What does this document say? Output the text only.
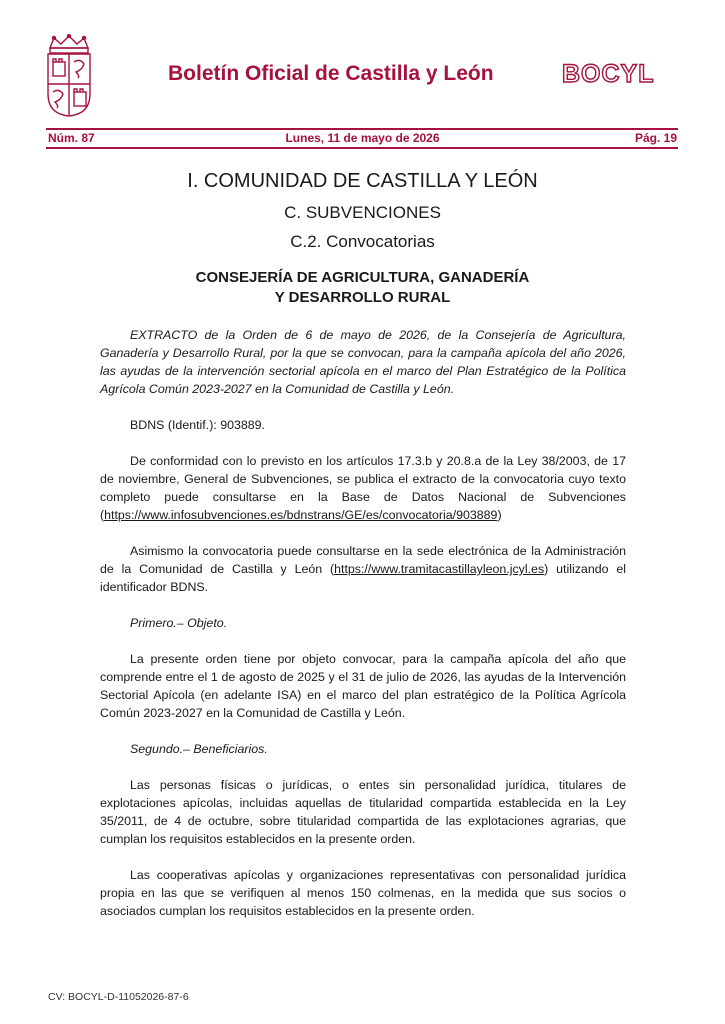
Boletín Oficial de Castilla y León	BOCYL
Núm. 87	Lunes, 11 de mayo de 2026	Pág. 19
I. COMUNIDAD DE CASTILLA Y LEÓN
C. SUBVENCIONES
C.2. Convocatorias
CONSEJERÍA DE AGRICULTURA, GANADERÍA
Y DESARROLLO RURAL

EXTRACTO de la Orden de 6 de mayo de 2026, de la Consejería de Agricultura, Ganadería y Desarrollo Rural, por la que se convocan, para la campaña apícola del año 2026, las ayudas de la intervención sectorial apícola en el marco del Plan Estratégico de la Política Agrícola Común 2023-2027 en la Comunidad de Castilla y León.

BDNS (Identif.): 903889.

De conformidad con lo previsto en los artículos 17.3.b y 20.8.a de la Ley 38/2003, de 17 de noviembre, General de Subvenciones, se publica el extracto de la convocatoria cuyo texto completo puede consultarse en la Base de Datos Nacional de Subvenciones (https://www.infosubvenciones.es/bdnstrans/GE/es/convocatoria/903889)

Asimismo la convocatoria puede consultarse en la sede electrónica de la Administración de la Comunidad de Castilla y León (https://www.tramitacastillayleon.jcyl.es) utilizando el identificador BDNS.

Primero.– Objeto.

La presente orden tiene por objeto convocar, para la campaña apícola del año que comprende entre el 1 de agosto de 2025 y el 31 de julio de 2026, las ayudas de la Intervención Sectorial Apícola (en adelante ISA) en el marco del plan estratégico de la Política Agrícola Común 2023-2027 en la Comunidad de Castilla y León.

Segundo.– Beneficiarios.

Las personas físicas o jurídicas, o entes sin personalidad jurídica, titulares de explotaciones apícolas, incluidas aquellas de titularidad compartida establecida en la Ley 35/2011, de 4 de octubre, sobre titularidad compartida de las explotaciones agrarias, que cumplan los requisitos establecidos en la presente orden.

Las cooperativas apícolas y organizaciones representativas con personalidad jurídica propia en las que se verifiquen al menos 150 colmenas, en la medida que sus socios o asociados cumplan los requisitos establecidos en la presente orden.

CV: BOCYL-D-11052026-87-6
